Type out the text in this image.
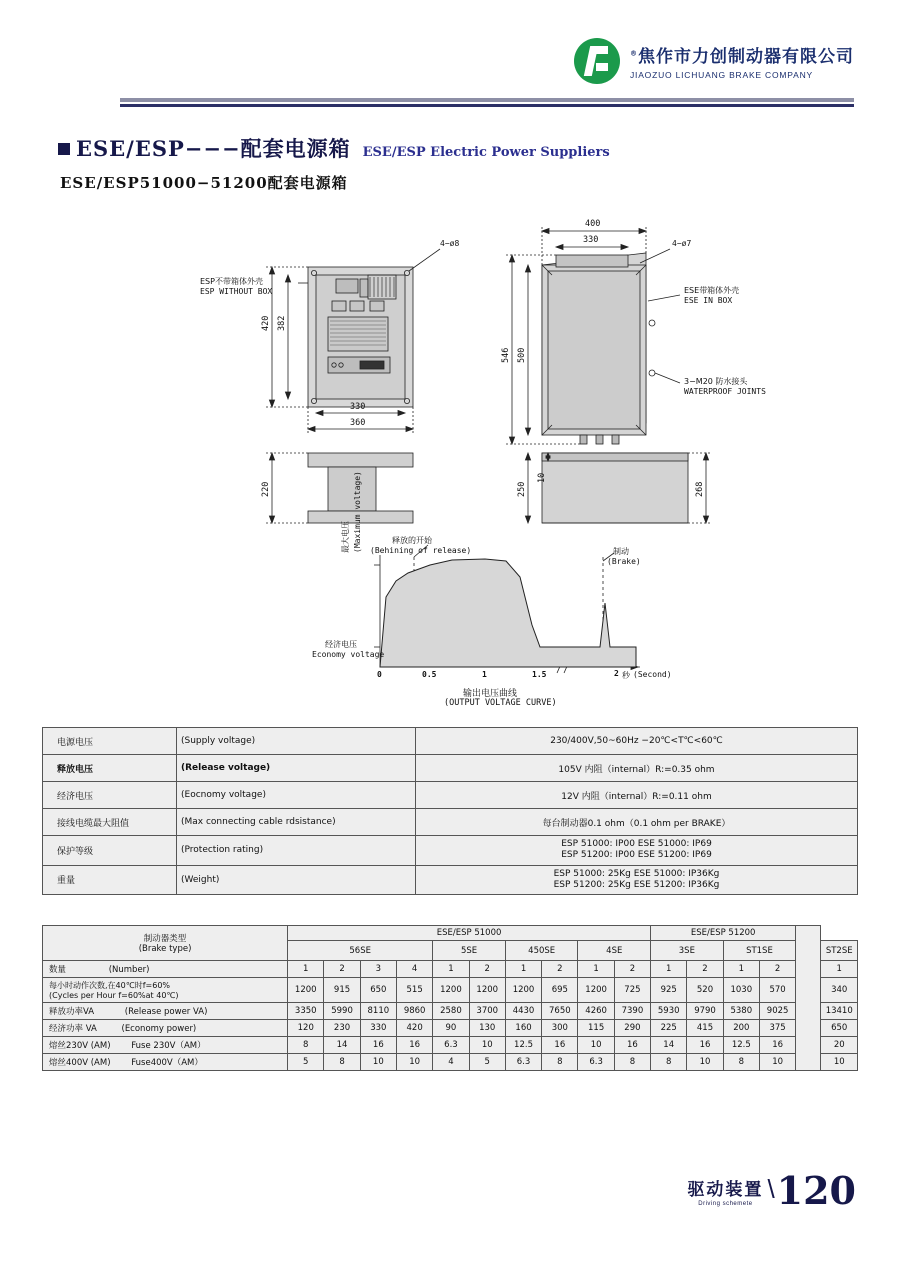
®焦作市力创制动器有限公司
JIAOZUO LICHUANG BRAKE COMPANY
ESE/ESP−−−配套电源箱 ESE/ESP Electric Power Suppliers
ESE/ESP51000−51200配套电源箱
ESP不带箱体外壳
ESP WITHOUT BOX
4−ø8	4−ø7
ESE带箱体外壳
ESE IN BOX
3−M20 防水接头
WATERPROOF JOINTS
420 382
330
360
400
330
546 500
220	250
10
268
释放的开始
(Behining of release)	制动
(Brake)
最大电压 (Maximum voltage)
经济电压
Economy voltage
0	0.5	1	1.5	2 秒 (Second)
输出电压曲线
(OUTPUT VOLTAGE CURVE)
电源电压	(Supply voltage)	230/400V,50~60Hz −20℃<T℃<60℃
释放电压	(Release voltage)	105V 内阻（internal）R:=0.35 ohm
经济电压	(Eocnomy voltage)	12V 内阻（internal）R:=0.11 ohm
接线电缆最大阻值	(Max connecting cable rdsistance)	每台制动器0.1 ohm（0.1 ohm per BRAKE）
保护等级	(Protection rating)	ESP 51000: IP00 ESE 51000: IP69
ESP 51200: IP00 ESE 51200: IP69

重量	(Weight)	ESP 51000: 25Kg ESE 51000: IP36Kg
ESP 51200: 25Kg ESE 51200: IP36Kg
制动器类型
(Brake type)	ESE/ESP 51000										ESE/ESP 51200					
	56SE				5SE		450SE		4SE		3SE		ST1SE			ST2SE
数量 (Number)	1	2	3	4	1	2	1	2	1	2	1	2	1	2		1

每小时动作次数,在40℃时f=60%
(Cycles per Hour f=60%at 40℃)	1200	915	650	515	1200	1200	1200	695	1200	725	925	520	1030	570		340
释放功率VA (Release power VA)	3350	5990	8110	9860	2580	3700	4430	7650	4260	7390	5930	9790	5380	9025		13410
经济功率 VA (Economy power)	120	230	330	420	90	130	160	300	115	290	225	415	200	375		650
熔丝230V (AM) Fuse 230V（AM）	8	14	16	16	6.3	10	12.5	16	10	16	14	16	12.5	16		20
熔丝400V (AM) Fuse400V（AM）	5	8	10	10	4	5	6.3	8	6.3	8	8	10	8	10		10
驱动装置
Driving schemete \ 120
